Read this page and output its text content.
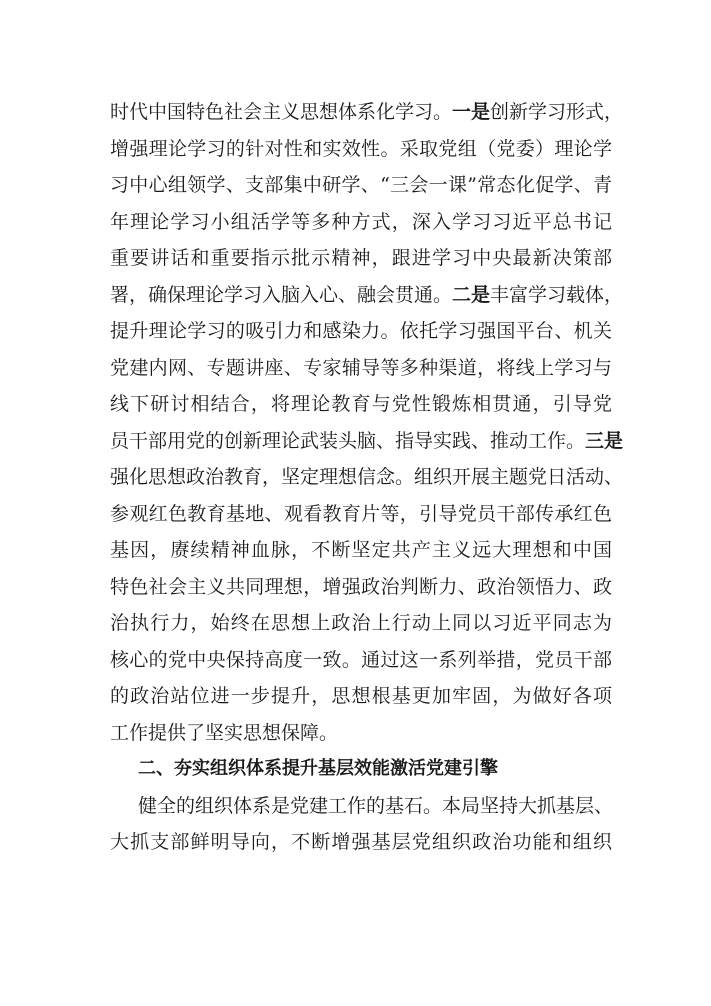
时代中国特色社会主义思想体系化学习。一是创新学习形式，
增强理论学习的针对性和实效性。采取党组（党委）理论学
习中心组领学、支部集中研学、“三会一课”常态化促学、青
年理论学习小组活学等多种方式，深入学习习近平总书记
重要讲话和重要指示批示精神，跟进学习中央最新决策部
署，确保理论学习入脑入心、融会贯通。二是丰富学习载体，
提升理论学习的吸引力和感染力。依托学习强国平台、机关
党建内网、专题讲座、专家辅导等多种渠道，将线上学习与
线下研讨相结合，将理论教育与党性锻炼相贯通，引导党
员干部用党的创新理论武装头脑、指导实践、推动工作。三是
强化思想政治教育，坚定理想信念。组织开展主题党日活动、
参观红色教育基地、观看教育片等，引导党员干部传承红色
基因，赓续精神血脉，不断坚定共产主义远大理想和中国
特色社会主义共同理想，增强政治判断力、政治领悟力、政
治执行力，始终在思想上政治上行动上同以习近平同志为
核心的党中央保持高度一致。通过这一系列举措，党员干部
的政治站位进一步提升，思想根基更加牢固，为做好各项
工作提供了坚实思想保障。
二、夯实组织体系提升基层效能激活党建引擎
健全的组织体系是党建工作的基石。本局坚持大抓基层、
大抓支部鲜明导向，不断增强基层党组织政治功能和组织
